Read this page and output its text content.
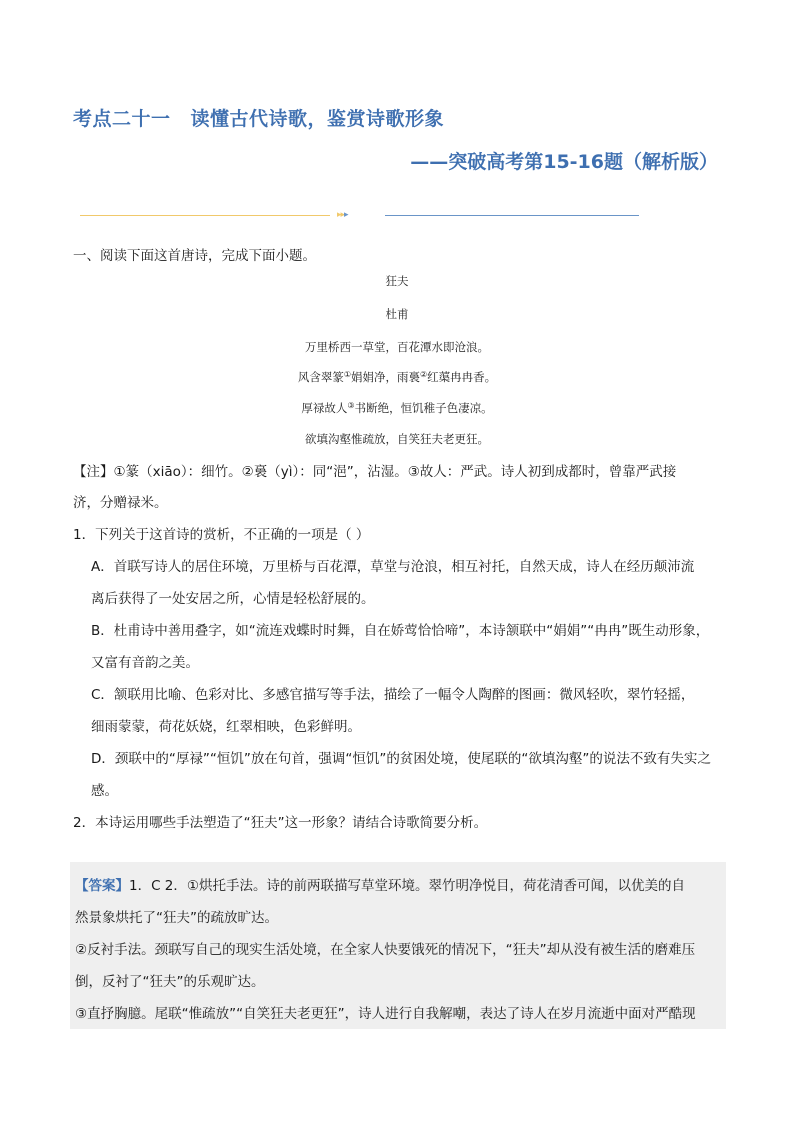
考点二十一 读懂古代诗歌，鉴赏诗歌形象
——突破高考第15-16题（解析版）
▸▸▸
一、阅读下面这首唐诗，完成下面小题。
狂夫
杜甫
万里桥西一草堂，百花潭水即沧浪。
风含翠篆①娟娟净，雨裛②红蕖冉冉香。
厚禄故人③书断绝，恒饥稚子色凄凉。
欲填沟壑惟疏放，自笑狂夫老更狂。
【注】①篆（xiāo）：细竹。②裛（yì）：同“浥”，沾湿。③故人：严武。诗人初到成都时，曾靠严武接
济，分赠禄米。
1．下列关于这首诗的赏析，不正确的一项是（ ）
A．首联写诗人的居住环境，万里桥与百花潭，草堂与沧浪，相互衬托，自然天成，诗人在经历颠沛流
离后获得了一处安居之所，心情是轻松舒展的。
B．杜甫诗中善用叠字，如“流连戏蝶时时舞，自在娇莺恰恰啼”，本诗颔联中“娟娟”“冉冉”既生动形象，
又富有音韵之美。
C．颔联用比喻、色彩对比、多感官描写等手法，描绘了一幅令人陶醉的图画：微风轻吹，翠竹轻摇，
细雨蒙蒙，荷花妖娆，红翠相映，色彩鲜明。
D．颈联中的“厚禄”“恒饥”放在句首，强调“恒饥”的贫困处境，使尾联的“欲填沟壑”的说法不致有失实之
感。
2．本诗运用哪些手法塑造了“狂夫”这一形象？请结合诗歌简要分析。
【答案】1．C 2．①烘托手法。诗的前两联描写草堂环境。翠竹明净悦目，荷花清香可闻，以优美的自
然景象烘托了“狂夫”的疏放旷达。
②反衬手法。颈联写自己的现实生活处境，在全家人快要饿死的情况下，“狂夫”却从没有被生活的磨难压
倒，反衬了“狂夫”的乐观旷达。
③直抒胸臆。尾联“惟疏放”“自笑狂夫老更狂”，诗人进行自我解嘲，表达了诗人在岁月流逝中面对严酷现
